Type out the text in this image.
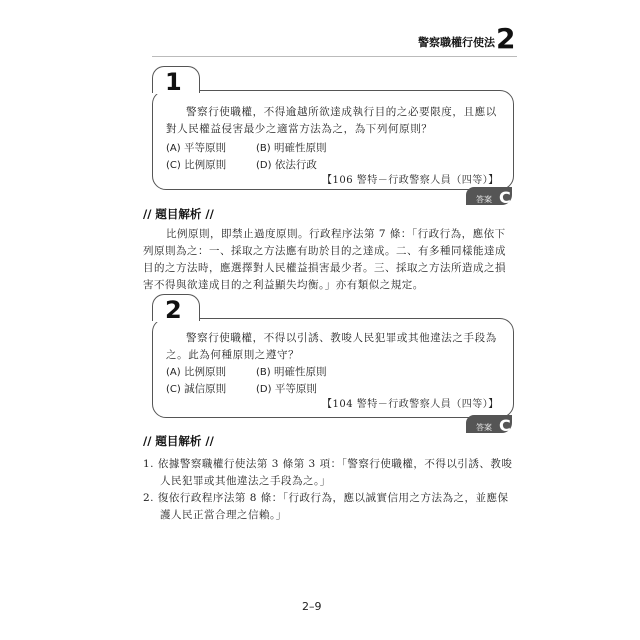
警察職權行使法 2
1
警察行使職權，不得逾越所欲達成執行目的之必要限度，且應以
對人民權益侵害最少之適當方法為之，為下列何原則？
(A) 平等原則	(B) 明確性原則
(C) 比例原則	(D) 依法行政
【106 警特－行政警察人員（四等）】
答案 C
// 題目解析 //
比例原則，即禁止過度原則。行政程序法第 7 條：「行政行為，應依下
列原則為之：一、採取之方法應有助於目的之達成。二、有多種同樣能達成
目的之方法時，應選擇對人民權益損害最少者。三、採取之方法所造成之損
害不得與欲達成目的之利益顯失均衡。」亦有類似之規定。
2
警察行使職權，不得以引誘、教唆人民犯罪或其他違法之手段為
之。此為何種原則之遵守？
(A) 比例原則	(B) 明確性原則
(C) 誠信原則	(D) 平等原則
【104 警特－行政警察人員（四等）】
答案 C
// 題目解析 //
1. 依據警察職權行使法第 3 條第 3 項：「警察行使職權，不得以引誘、教唆
人民犯罪或其他違法之手段為之。」
2. 復依行政程序法第 8 條：「行政行為，應以誠實信用之方法為之，並應保
護人民正當合理之信賴。」
2–9
